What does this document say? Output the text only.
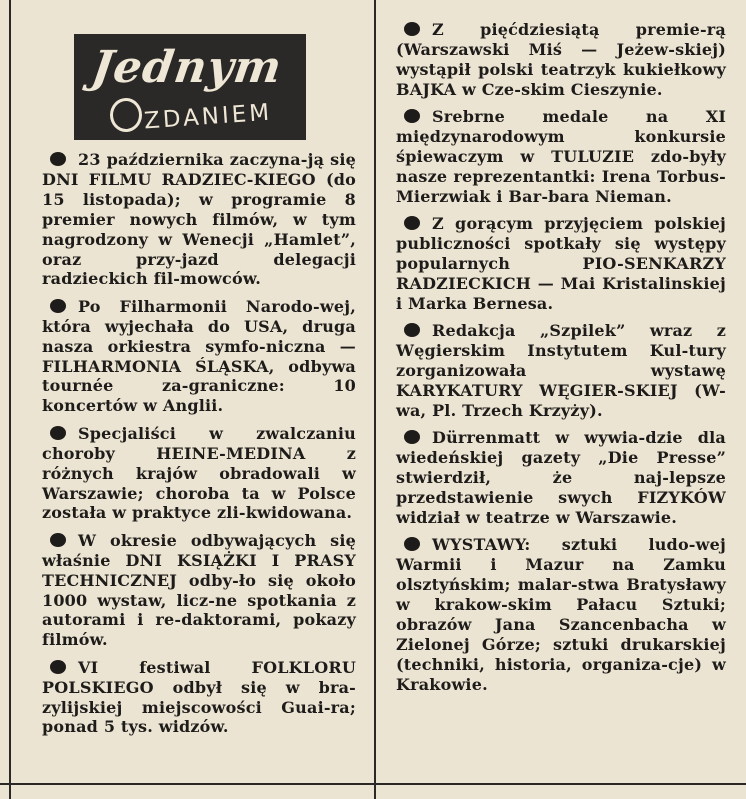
Jednym
ZDANIEM

23 października zaczyna-ją się DNI FILMU RADZIEC-KIEGO (do 15 listopada); w programie 8 premier nowych filmów, w tym nagrodzony w Wenecji „Hamlet”, oraz przy-jazd delegacji radzieckich fil-mowców.

Po Filharmonii Narodo-wej, która wyjechała do USA, druga nasza orkiestra symfo-niczna — FILHARMONIA ŚLĄSKA, odbywa tournée za-graniczne: 10 koncertów w Anglii.

Specjaliści w zwalczaniu choroby HEINE-MEDINA z różnych krajów obradowali w Warszawie; choroba ta w Polsce została w praktyce zli-kwidowana.

W okresie odbywających się właśnie DNI KSIĄŻKI I PRASY TECHNICZNEJ odby-ło się około 1000 wystaw, licz-ne spotkania z autorami i re-daktorami, pokazy filmów.

VI festiwal FOLKLORU POLSKIEGO odbył się w bra-zylijskiej miejscowości Guai-ra; ponad 5 tys. widzów.

Z pięćdziesiątą premie-rą (Warszawski Miś — Jeżew-skiej) wystąpił polski teatrzyk kukiełkowy BAJKA w Cze-skim Cieszynie.

Srebrne medale na XI międzynarodowym konkursie śpiewaczym w TULUZIE zdo-były nasze reprezentantki: Irena Torbus-Mierzwiak i Bar-bara Nieman.

Z gorącym przyjęciem polskiej publiczności spotkały się występy popularnych PIO-SENKARZY RADZIECKICH — Mai Kristalinskiej i Marka Bernesa.

Redakcja „Szpilek” wraz z Węgierskim Instytutem Kul-tury zorganizowała wystawę KARYKATURY WĘGIER-SKIEJ (W-wa, Pl. Trzech Krzyży).

Dürrenmatt w wywia-dzie dla wiedeńskiej gazety „Die Presse” stwierdził, że naj-lepsze przedstawienie swych FIZYKÓW widział w teatrze w Warszawie.

WYSTAWY: sztuki ludo-wej Warmii i Mazur na Zamku olsztyńskim; malar-stwa Bratysławy w krakow-skim Pałacu Sztuki; obrazów Jana Szancenbacha w Zielonej Górze; sztuki drukarskiej (techniki, historia, organiza-cje) w Krakowie.
